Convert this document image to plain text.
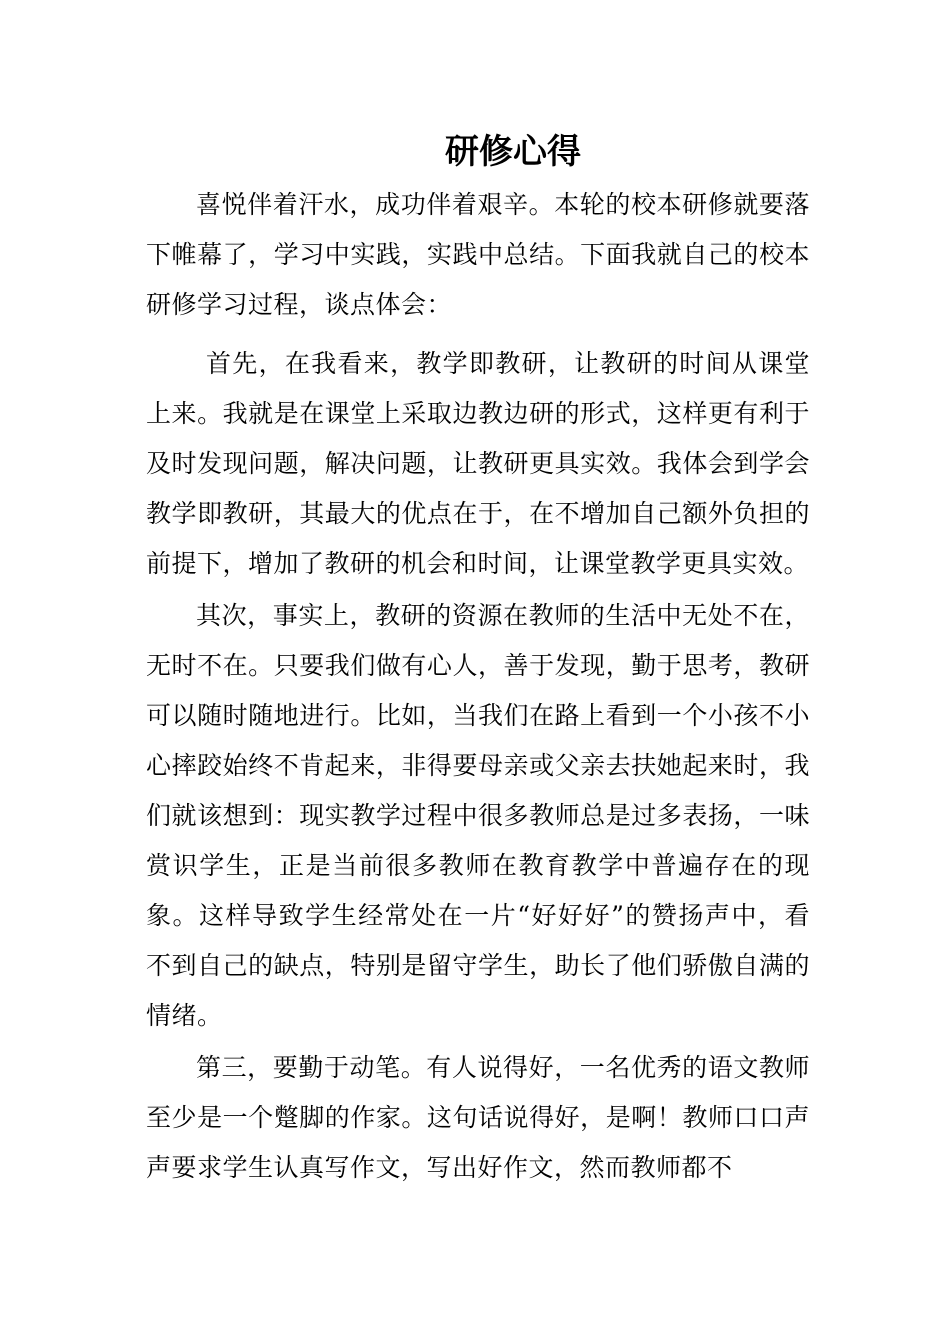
研修心得

喜悦伴着汗水，成功伴着艰辛。本轮的校本研修就要落下帷幕了，学习中实践，实践中总结。下面我就自己的校本研修学习过程，谈点体会：

首先，在我看来，教学即教研，让教研的时间从课堂上来。我就是在课堂上采取边教边研的形式，这样更有利于及时发现问题，解决问题，让教研更具实效。我体会到学会教学即教研，其最大的优点在于，在不增加自己额外负担的前提下，增加了教研的机会和时间，让课堂教学更具实效。

其次，事实上，教研的资源在教师的生活中无处不在，无时不在。只要我们做有心人，善于发现，勤于思考，教研可以随时随地进行。比如，当我们在路上看到一个小孩不小心摔跤始终不肯起来，非得要母亲或父亲去扶她起来时，我们就该想到：现实教学过程中很多教师总是过多表扬，一味赏识学生，正是当前很多教师在教育教学中普遍存在的现象。这样导致学生经常处在一片“好好好”的赞扬声中，看不到自己的缺点，特别是留守学生，助长了他们骄傲自满的情绪。

第三，要勤于动笔。有人说得好，一名优秀的语文教师至少是一个蹩脚的作家。这句话说得好，是啊！教师口口声声要求学生认真写作文，写出好作文，然而教师都不
